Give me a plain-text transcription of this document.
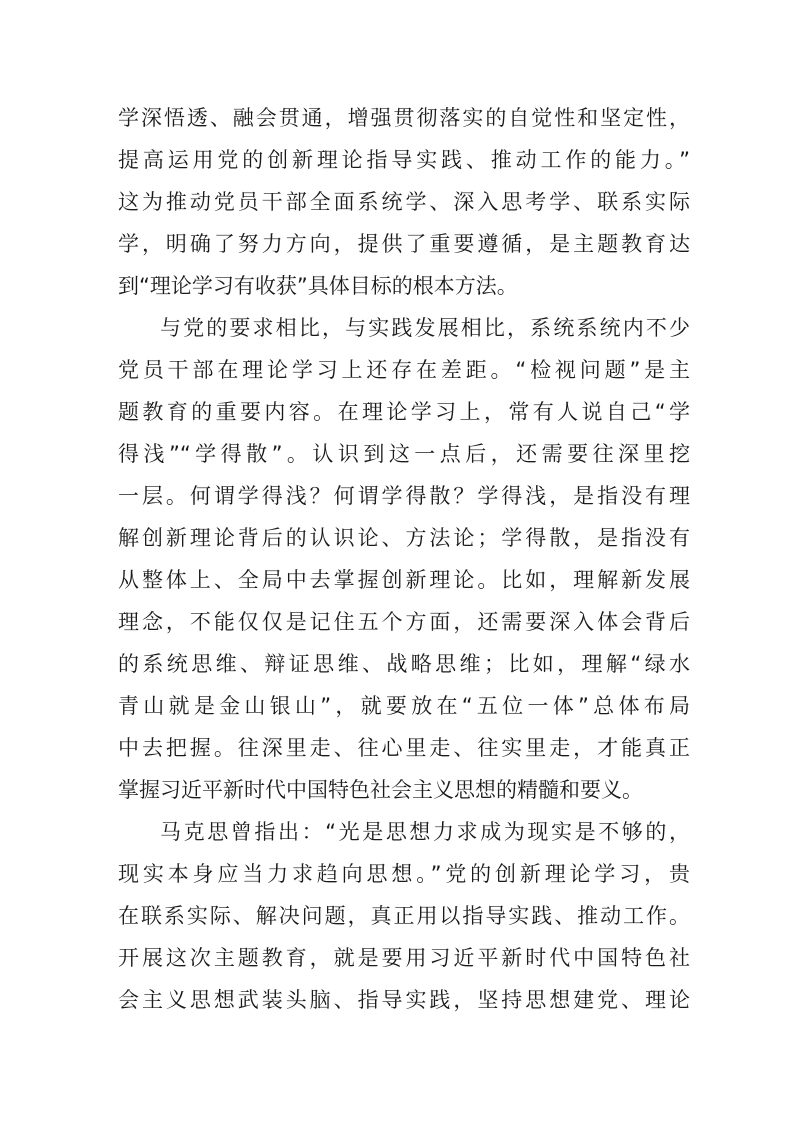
学深悟透、融会贯通，增强贯彻落实的自觉性和坚定性，
提高运用党的创新理论指导实践、推动工作的能力。”
这为推动党员干部全面系统学、深入思考学、联系实际
学，明确了努力方向，提供了重要遵循，是主题教育达
到“理论学习有收获”具体目标的根本方法。
与党的要求相比，与实践发展相比，系统系统内不少
党员干部在理论学习上还存在差距。“检视问题”是主
题教育的重要内容。在理论学习上，常有人说自己“学
得浅”“学得散”。认识到这一点后，还需要往深里挖
一层。何谓学得浅？何谓学得散？学得浅，是指没有理
解创新理论背后的认识论、方法论；学得散，是指没有
从整体上、全局中去掌握创新理论。比如，理解新发展
理念，不能仅仅是记住五个方面，还需要深入体会背后
的系统思维、辩证思维、战略思维；比如，理解“绿水
青山就是金山银山”，就要放在“五位一体”总体布局
中去把握。往深里走、往心里走、往实里走，才能真正
掌握习近平新时代中国特色社会主义思想的精髓和要义。
马克思曾指出：“光是思想力求成为现实是不够的，
现实本身应当力求趋向思想。”党的创新理论学习，贵
在联系实际、解决问题，真正用以指导实践、推动工作。
开展这次主题教育，就是要用习近平新时代中国特色社
会主义思想武装头脑、指导实践，坚持思想建党、理论
